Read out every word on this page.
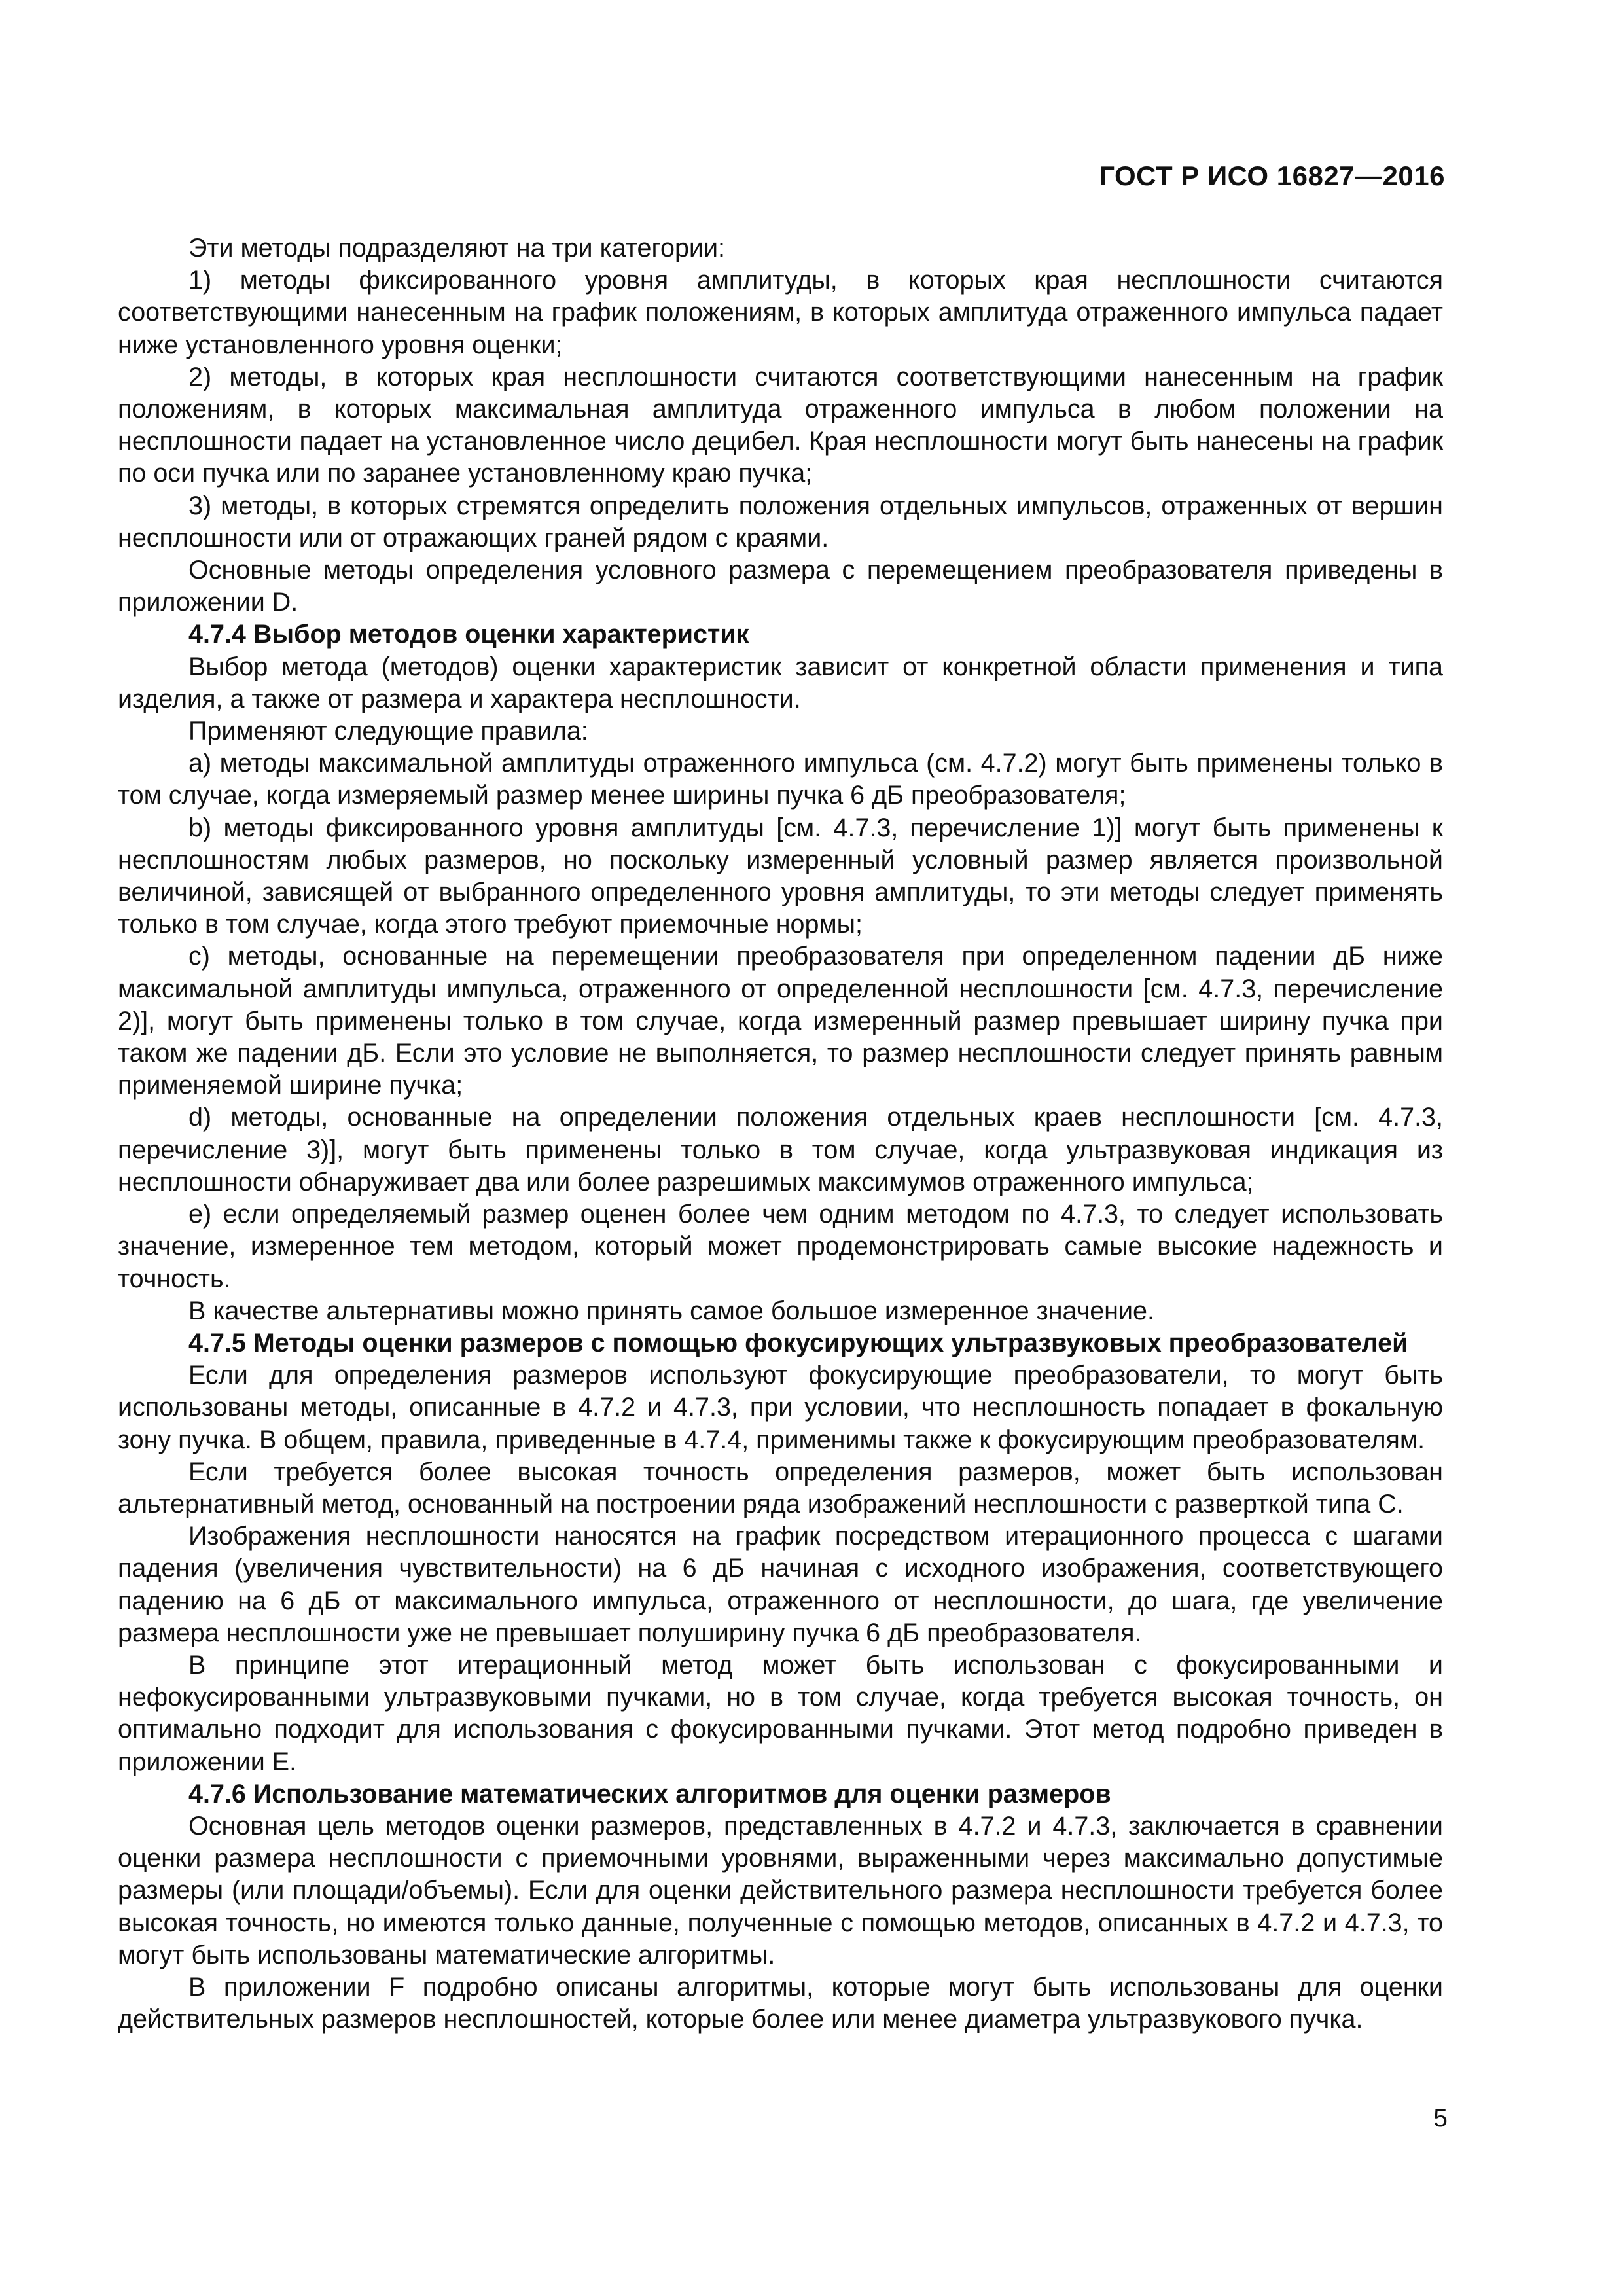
ГОСТ Р ИСО 16827—2016

Эти методы подразделяют на три категории:

1) методы фиксированного уровня амплитуды, в которых края несплошности считаются соответствующими нанесенным на график положениям, в которых амплитуда отраженного импульса падает ниже установленного уровня оценки;

2) методы, в которых края несплошности считаются соответствующими нанесенным на график положениям, в которых максимальная амплитуда отраженного импульса в любом положении на несплошности падает на установленное число децибел. Края несплошности могут быть нанесены на график по оси пучка или по заранее установленному краю пучка;

3) методы, в которых стремятся определить положения отдельных импульсов, отраженных от вершин несплошности или от отражающих граней рядом с краями.

Основные методы определения условного размера с перемещением преобразователя приведены в приложении D.

4.7.4 Выбор методов оценки характеристик

Выбор метода (методов) оценки характеристик зависит от конкретной области применения и типа изделия, а также от размера и характера несплошности.

Применяют следующие правила:

a) методы максимальной амплитуды отраженного импульса (см. 4.7.2) могут быть применены только в том случае, когда измеряемый размер менее ширины пучка 6 дБ преобразователя;

b) методы фиксированного уровня амплитуды [см. 4.7.3, перечисление 1)] могут быть применены к несплошностям любых размеров, но поскольку измеренный условный размер является произвольной величиной, зависящей от выбранного определенного уровня амплитуды, то эти методы следует применять только в том случае, когда этого требуют приемочные нормы;

c) методы, основанные на перемещении преобразователя при определенном падении дБ ниже максимальной амплитуды импульса, отраженного от определенной несплошности [см. 4.7.3, перечисление 2)], могут быть применены только в том случае, когда измеренный размер превышает ширину пучка при таком же падении дБ. Если это условие не выполняется, то размер несплошности следует принять равным применяемой ширине пучка;

d) методы, основанные на определении положения отдельных краев несплошности [см. 4.7.3, перечисление 3)], могут быть применены только в том случае, когда ультразвуковая индикация из несплошности обнаруживает два или более разрешимых максимумов отраженного импульса;

e) если определяемый размер оценен более чем одним методом по 4.7.3, то следует использовать значение, измеренное тем методом, который может продемонстрировать самые высокие надежность и точность.

В качестве альтернативы можно принять самое большое измеренное значение.

4.7.5 Методы оценки размеров с помощью фокусирующих ультразвуковых преобразователей

Если для определения размеров используют фокусирующие преобразователи, то могут быть использованы методы, описанные в 4.7.2 и 4.7.3, при условии, что несплошность попадает в фокальную зону пучка. В общем, правила, приведенные в 4.7.4, применимы также к фокусирующим преобразователям.

Если требуется более высокая точность определения размеров, может быть использован альтернативный метод, основанный на построении ряда изображений несплошности с разверткой типа С.

Изображения несплошности наносятся на график посредством итерационного процесса с шагами падения (увеличения чувствительности) на 6 дБ начиная с исходного изображения, соответствующего падению на 6 дБ от максимального импульса, отраженного от несплошности, до шага, где увеличение размера несплошности уже не превышает полуширину пучка 6 дБ преобразователя.

В принципе этот итерационный метод может быть использован с фокусированными и нефокусированными ультразвуковыми пучками, но в том случае, когда требуется высокая точность, он оптимально подходит для использования с фокусированными пучками. Этот метод подробно приведен в приложении E.

4.7.6 Использование математических алгоритмов для оценки размеров

Основная цель методов оценки размеров, представленных в 4.7.2 и 4.7.3, заключается в сравнении оценки размера несплошности с приемочными уровнями, выраженными через максимально допустимые размеры (или площади/объемы). Если для оценки действительного размера несплошности требуется более высокая точность, но имеются только данные, полученные с помощью методов, описанных в 4.7.2 и 4.7.3, то могут быть использованы математические алгоритмы.

В приложении F подробно описаны алгоритмы, которые могут быть использованы для оценки действительных размеров несплошностей, которые более или менее диаметра ультразвукового пучка.

5
